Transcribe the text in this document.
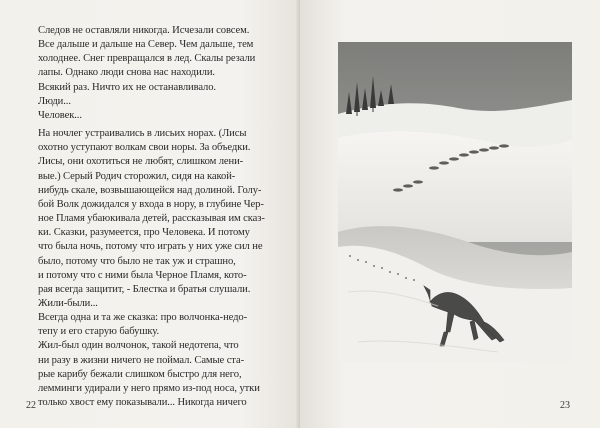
Следов не оставляли никогда. Исчезали совсем.
Все дальше и дальше на Север. Чем дальше, тем
холоднее. Снег превращался в лед. Скалы резали
лапы. Однако люди снова нас находили.

Всякий раз. Ничто их не останавливало.

Люди...

Человек...

На ночлег устраивались в лисьих норах. (Лисы
охотно уступают волкам свои норы. За объедки.
Лисы, они охотиться не любят, слишком лени-
вые.) Серый Родич сторожил, сидя на какой-
нибудь скале, возвышающейся над долиной. Голу-
бой Волк дожидался у входа в нору, в глубине Чер-
ное Пламя убаюкивала детей, рассказывая им сказ-
ки. Сказки, разумеется, про Человека. И потому
что была ночь, потому что играть у них уже сил не
было, потому что было не так уж и страшно,
и потому что с ними была Черное Пламя, кото-
рая всегда защитит, - Блестка и братья слушали.

Жили-были...

Всегда одна и та же сказка: про волчонка-недо-
тепу и его старую бабушку.

Жил-был один волчонок, такой недотепа, что
ни разу в жизни ничего не поймал. Самые ста-
рые карибу бежали слишком быстро для него,
лемминги удирали у него прямо из-под носа, утки
только хвост ему показывали... Никогда ничего

22	23
